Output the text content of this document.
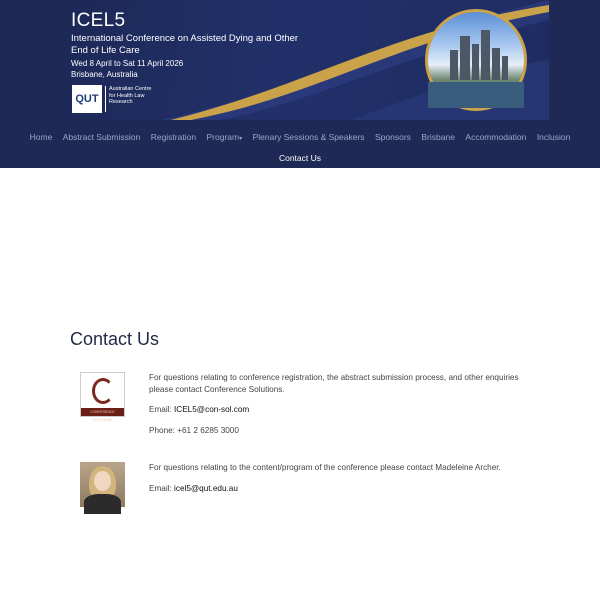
ICEL5
International Conference on Assisted Dying and Other End of Life Care
Wed 8 April to Sat 11 April 2026
Brisbane, Australia
QUT
Australian Centre for Health Law Research
Home Abstract Submission Registration Program▾ Plenary Sessions & Speakers Sponsors Brisbane Accommodation Inclusion
Contact Us
Contact Us
CONFERENCE SOLUTIONS

For questions relating to conference registration, the abstract submission process, and other enquiries please contact Conference Solutions.

Email: ICEL5@con-sol.com

Phone: +61 2 6285 3000

For questions relating to the content/program of the conference please contact Madeleine Archer.

Email: icel5@qut.edu.au
